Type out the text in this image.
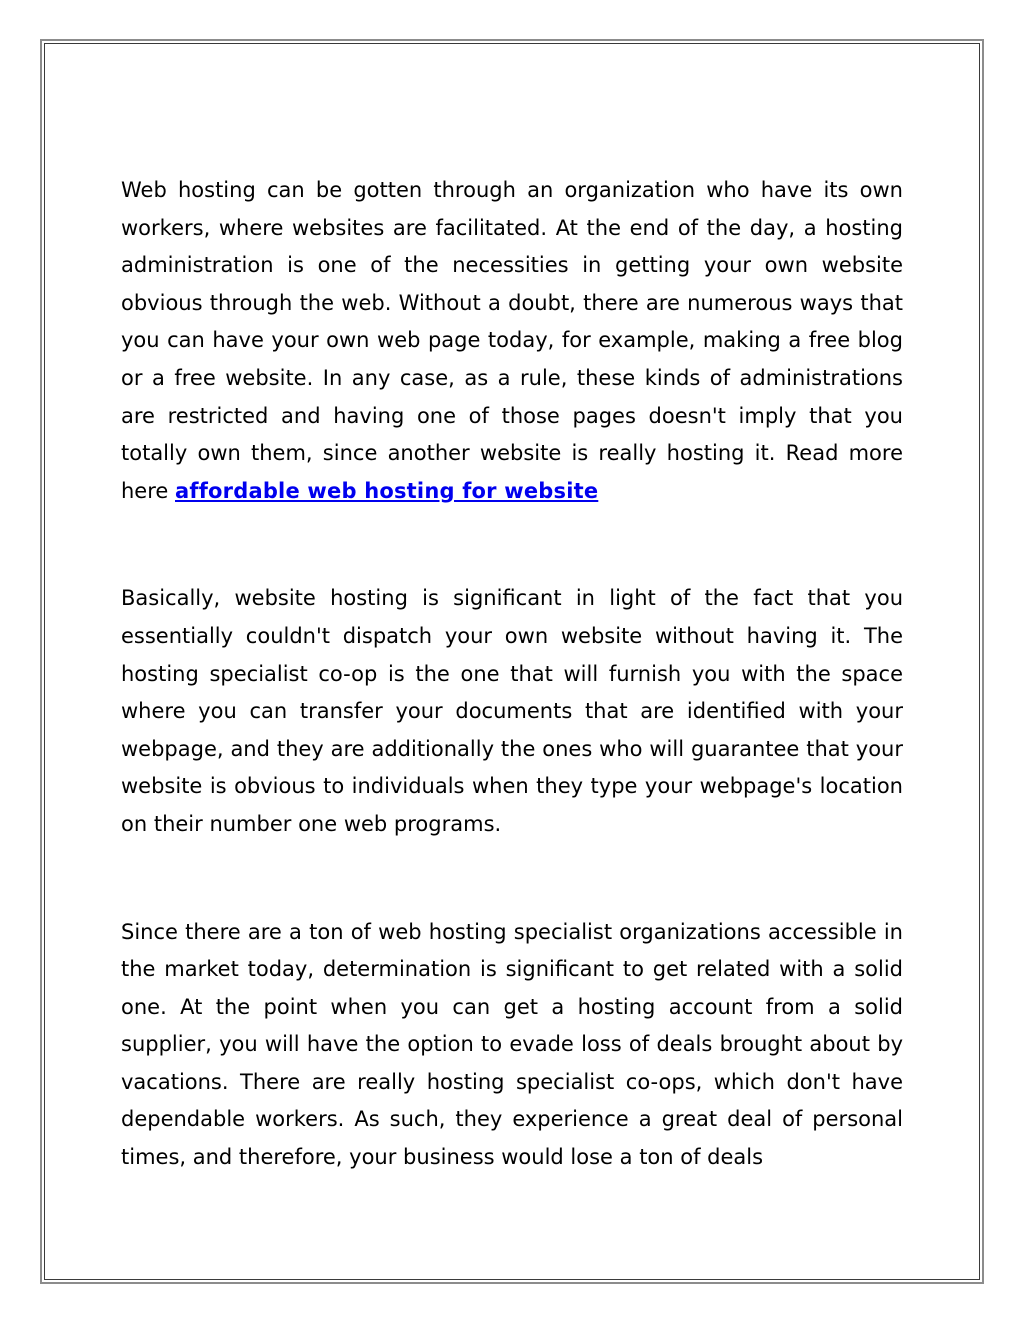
Web hosting can be gotten through an organization who have its own workers, where websites are facilitated. At the end of the day, a hosting administration is one of the necessities in getting your own website obvious through the web. Without a doubt, there are numerous ways that you can have your own web page today, for example, making a free blog or a free website. In any case, as a rule, these kinds of administrations are restricted and having one of those pages doesn't imply that you totally own them, since another website is really hosting it. Read more here affordable web hosting for website

Basically, website hosting is significant in light of the fact that you essentially couldn't dispatch your own website without having it. The hosting specialist co-op is the one that will furnish you with the space where you can transfer your documents that are identified with your webpage, and they are additionally the ones who will guarantee that your website is obvious to individuals when they type your webpage's location on their number one web programs.

Since there are a ton of web hosting specialist organizations accessible in the market today, determination is significant to get related with a solid one. At the point when you can get a hosting account from a solid supplier, you will have the option to evade loss of deals brought about by vacations. There are really hosting specialist co-ops, which don't have dependable workers. As such, they experience a great deal of personal times, and therefore, your business would lose a ton of deals
